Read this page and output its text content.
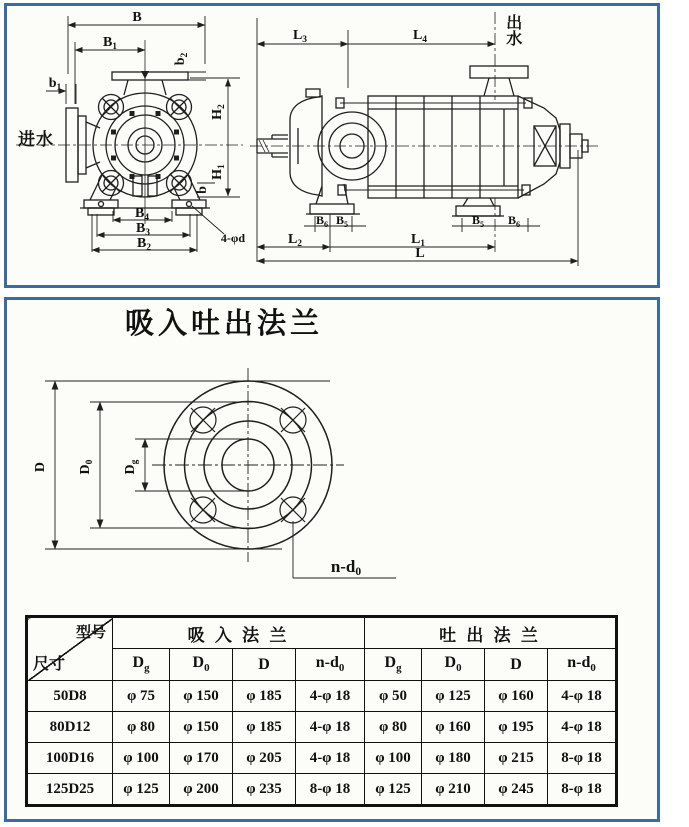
B
$B_1$
$b_1$
$b_2$
$H_2$
$H_1$
b
$B_4$
$B_3$
$B_2$
4-φd
$L_3$	$L_4$
$B_6$ $B_5$	$B_5$ $B_6$
$L_2$	$L_1$
L
进水
出水
吸入吐出法兰
D $D_0$
$D_g$
n-d0
型号
尺寸	吸 入 法 兰				吐 出 法 兰			
	$D_g$	$D_0$	D	$n-d_0$	$D_g$	$D_0$	D	$n-d_0$
50D8	φ 75	φ 150	φ 185	4-φ 18	φ 50	φ 125	φ 160	4-φ 18
80D12	φ 80	φ 150	φ 185	4-φ 18	φ 80	φ 160	φ 195	4-φ 18
100D16	φ 100	φ 170	φ 205	4-φ 18	φ 100	φ 180	φ 215	8-φ 18
125D25	φ 125	φ 200	φ 235	8-φ 18	φ 125	φ 210	φ 245	8-φ 18
